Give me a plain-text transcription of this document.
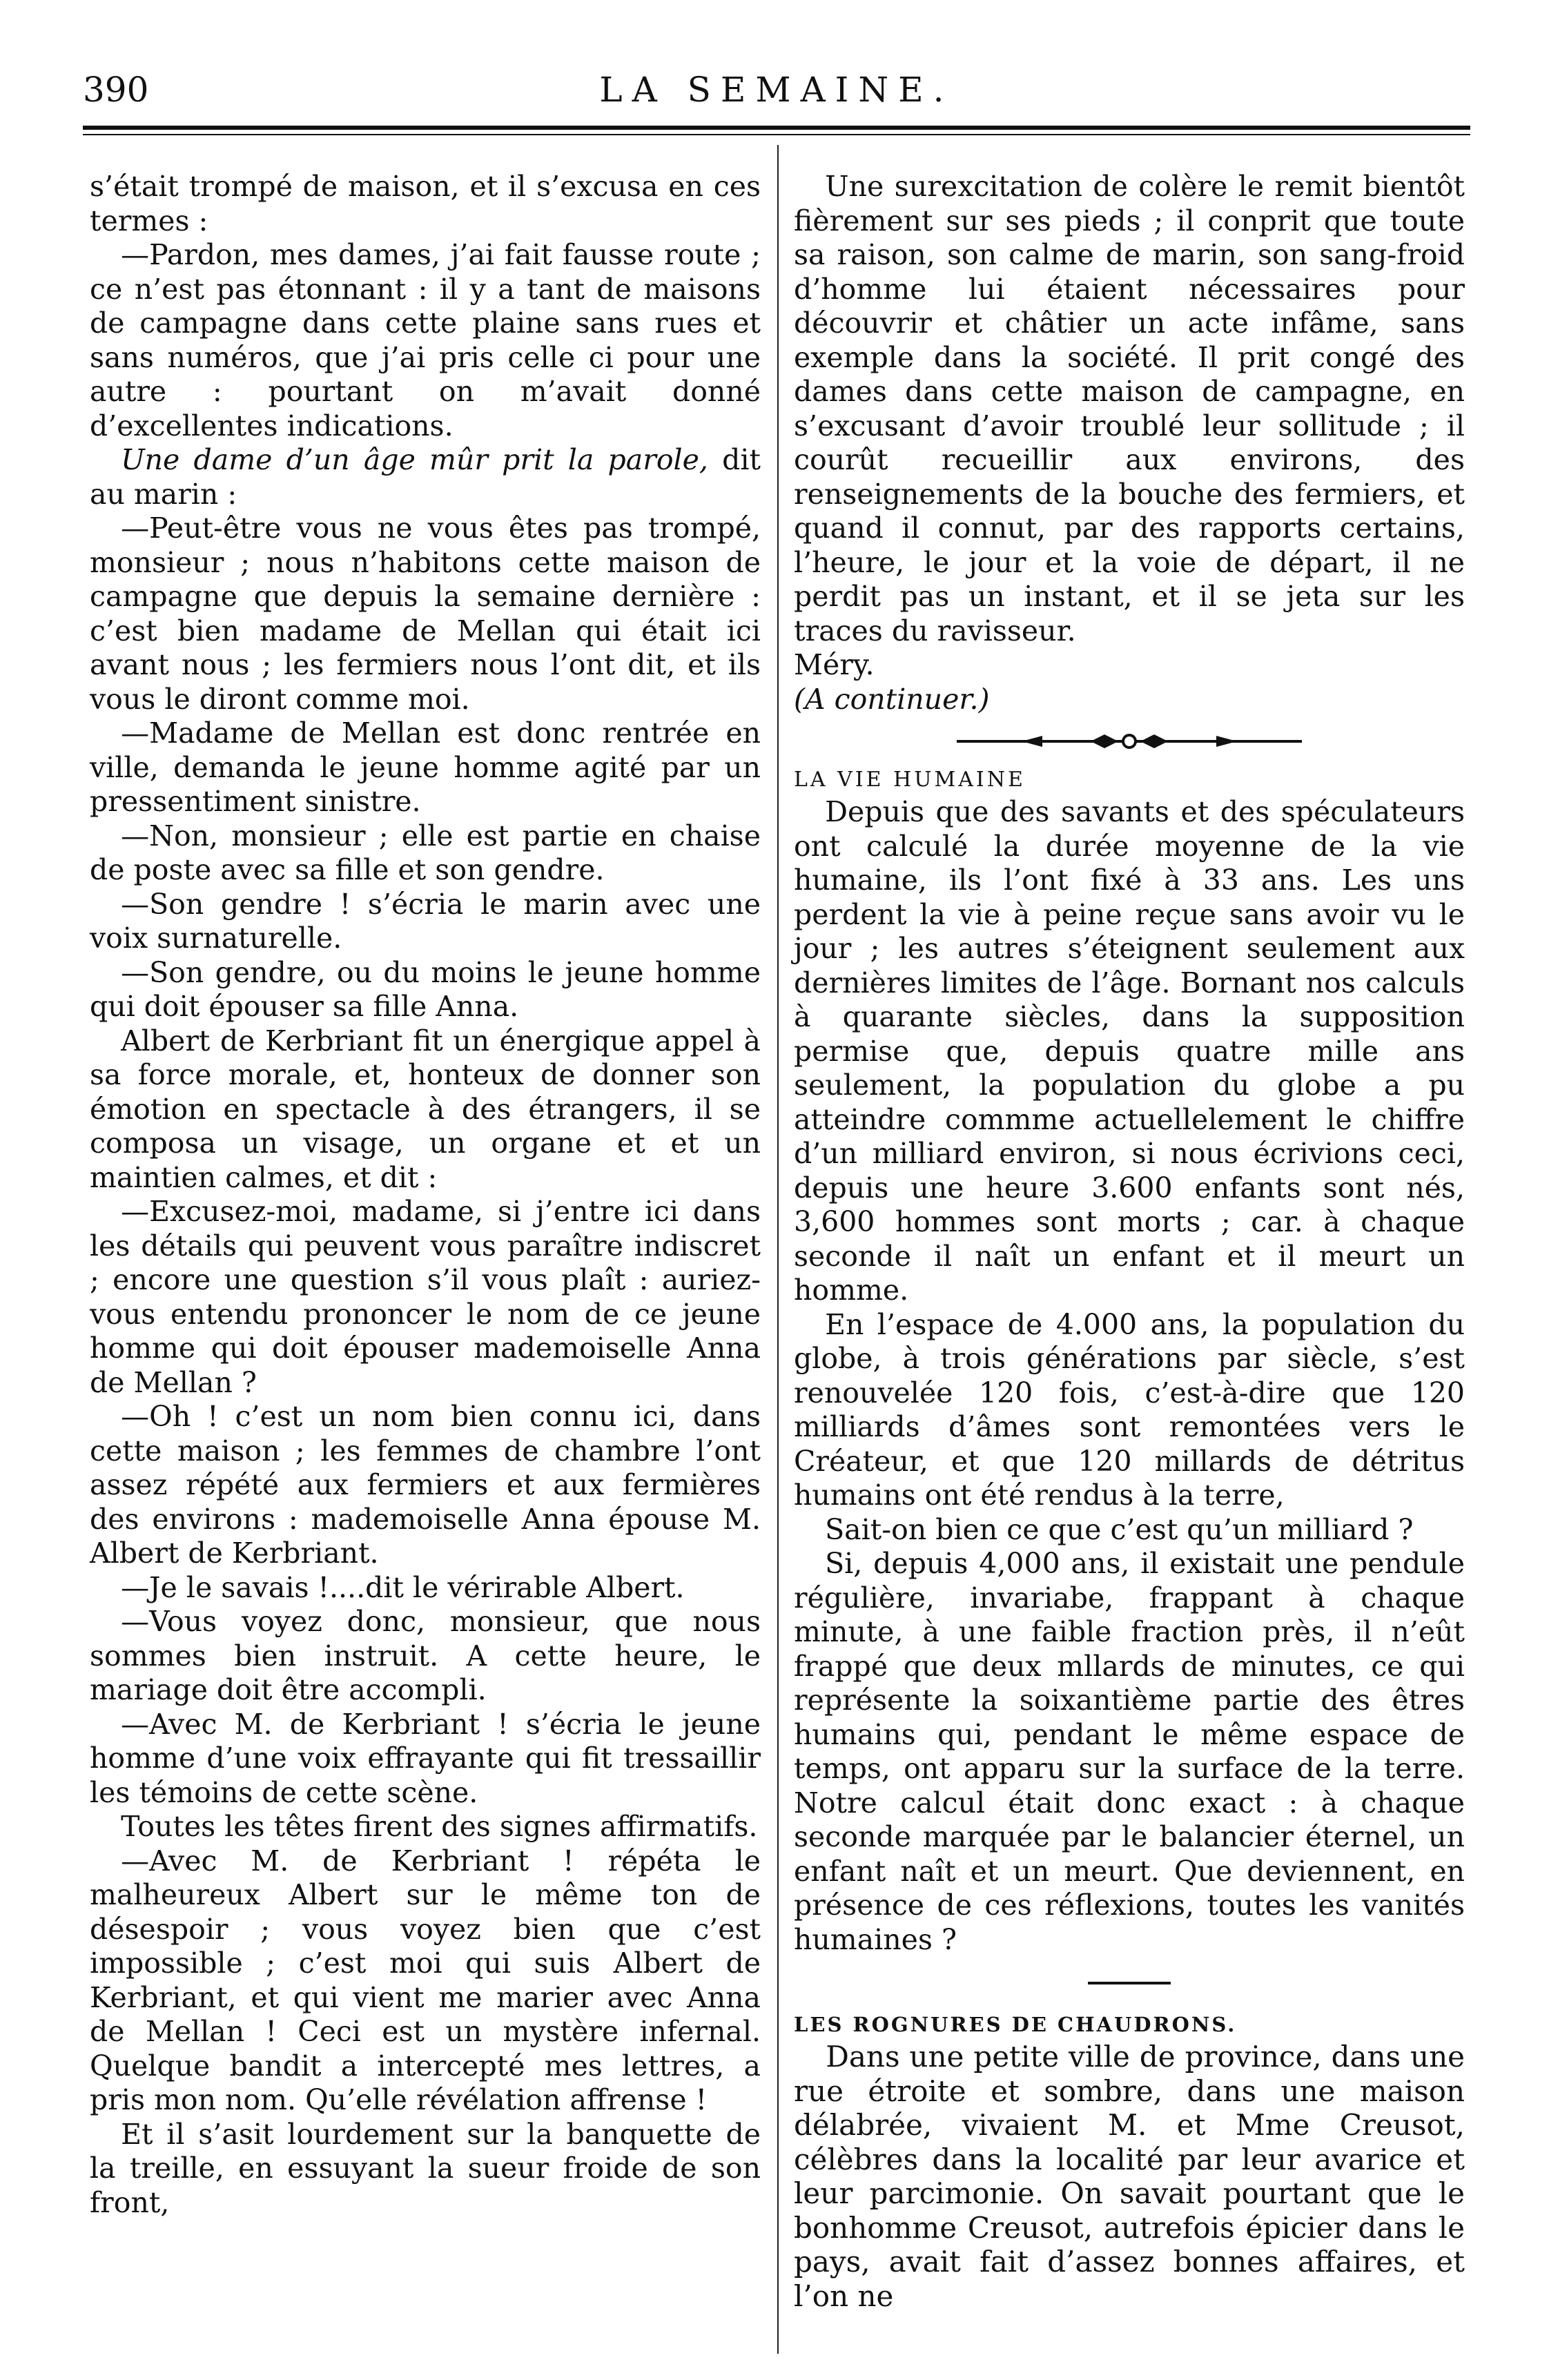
390	LA SEMAINE.

s’était trompé de maison, et il s’excusa en ces termes :

—Pardon, mes dames, j’ai fait fausse route ; ce n’est pas étonnant : il y a tant de maisons de campagne dans cette plaine sans rues et sans numéros, que j’ai pris celle ci pour une autre : pourtant on m’avait donné d’excellentes indications.

Une dame d’un âge mûr prit la parole, dit au marin :

—Peut-être vous ne vous êtes pas trompé, monsieur ; nous n’habitons cette maison de campagne que depuis la semaine dernière : c’est bien madame de Mellan qui était ici avant nous ; les fermiers nous l’ont dit, et ils vous le diront comme moi.

—Madame de Mellan est donc rentrée en ville, demanda le jeune homme agité par un pressentiment sinistre.

—Non, monsieur ; elle est partie en chaise de poste avec sa fille et son gendre.

—Son gendre ! s’écria le marin avec une voix surnaturelle.

—Son gendre, ou du moins le jeune homme qui doit épouser sa fille Anna.

Albert de Kerbriant fit un énergique appel à sa force morale, et, honteux de donner son émotion en spectacle à des étrangers, il se composa un visage, un organe et et un maintien calmes, et dit :

—Excusez-moi, madame, si j’entre ici dans les détails qui peuvent vous paraître indiscret ; encore une question s’il vous plaît : auriez-vous entendu prononcer le nom de ce jeune homme qui doit épouser mademoiselle Anna de Mellan ?

—Oh ! c’est un nom bien connu ici, dans cette maison ; les femmes de chambre l’ont assez répété aux fermiers et aux fermières des environs : mademoiselle Anna épouse M. Albert de Kerbriant.

—Je le savais !....dit le vérirable Albert.

—Vous voyez donc, monsieur, que nous sommes bien instruit. A cette heure, le mariage doit être accompli.

—Avec M. de Kerbriant ! s’écria le jeune homme d’une voix effrayante qui fit tressaillir les témoins de cette scène.

Toutes les têtes firent des signes affirmatifs.

—Avec M. de Kerbriant ! répéta le malheureux Albert sur le même ton de désespoir ; vous voyez bien que c’est impossible ; c’est moi qui suis Albert de Kerbriant, et qui vient me marier avec Anna de Mellan ! Ceci est un mystère infernal. Quelque bandit a intercepté mes lettres, a pris mon nom. Qu’elle révélation affrense !

Et il s’asit lourdement sur la banquette de la treille, en essuyant la sueur froide de son front,

Une surexcitation de colère le remit bientôt fièrement sur ses pieds ; il conprit que toute sa raison, son calme de marin, son sang-froid d’homme lui étaient nécessaires pour découvrir et châtier un acte infâme, sans exemple dans la société. Il prit congé des dames dans cette maison de campagne, en s’excusant d’avoir troublé leur sollitude ; il courût recueillir aux environs, des renseignements de la bouche des fermiers, et quand il connut, par des rapports certains, l’heure, le jour et la voie de départ, il ne perdit pas un instant, et il se jeta sur les traces du ravisseur.

Méry.

(A continuer.)

LA VIE HUMAINE

Depuis que des savants et des spéculateurs ont calculé la durée moyenne de la vie humaine, ils l’ont fixé à 33 ans. Les uns perdent la vie à peine reçue sans avoir vu le jour ; les autres s’éteignent seulement aux dernières limites de l’âge. Bornant nos calculs à quarante siècles, dans la supposition permise que, depuis quatre mille ans seulement, la population du globe a pu atteindre commme actuellelement le chiffre d’un milliard environ, si nous écrivions ceci, depuis une heure 3.600 enfants sont nés, 3,600 hommes sont morts ; car. à chaque seconde il naît un enfant et il meurt un homme.

En l’espace de 4.000 ans, la population du globe, à trois générations par siècle, s’est renouvelée 120 fois, c’est-à-dire que 120 milliards d’âmes sont remontées vers le Créateur, et que 120 millards de détritus humains ont été rendus à la terre,

Sait-on bien ce que c’est qu’un milliard ?

Si, depuis 4,000 ans, il existait une pendule régulière, invariabe, frappant à chaque minute, à une faible fraction près, il n’eût frappé que deux mllards de minutes, ce qui représente la soixantième partie des êtres humains qui, pendant le même espace de temps, ont apparu sur la surface de la terre. Notre calcul était donc exact : à chaque seconde marquée par le balancier éternel, un enfant naît et un meurt. Que deviennent, en présence de ces réflexions, toutes les vanités humaines ?

LES ROGNURES DE CHAUDRONS.

Dans une petite ville de province, dans une rue étroite et sombre, dans une maison délabrée, vivaient M. et Mme Creusot, célèbres dans la localité par leur avarice et leur parcimonie. On savait pourtant que le bonhomme Creusot, autrefois épicier dans le pays, avait fait d’assez bonnes affaires, et l’on ne
